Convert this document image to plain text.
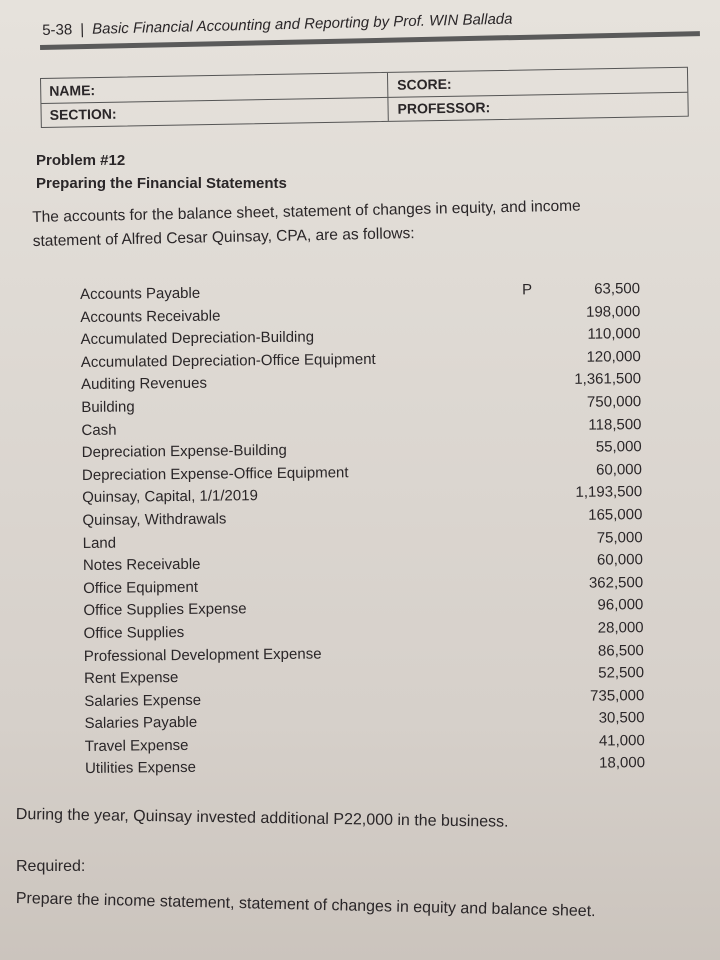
5-38 | Basic Financial Accounting and Reporting by Prof. WIN Ballada
NAME:	SCORE:
SECTION:	PROFESSOR:
Problem #12
Preparing the Financial Statements
The accounts for the balance sheet, statement of changes in equity, and income
statement of Alfred Cesar Quinsay, CPA, are as follows:
Accounts Payable	P	63,500
Accounts Receivable	198,000
Accumulated Depreciation-Building	110,000
Accumulated Depreciation-Office Equipment	120,000
Auditing Revenues	1,361,500
Building	750,000
Cash	118,500
Depreciation Expense-Building	55,000
Depreciation Expense-Office Equipment	60,000
Quinsay, Capital, 1/1/2019	1,193,500
Quinsay, Withdrawals	165,000
Land	75,000
Notes Receivable	60,000
Office Equipment	362,500
Office Supplies Expense	96,000
Office Supplies	28,000
Professional Development Expense	86,500
Rent Expense	52,500
Salaries Expense	735,000
Salaries Payable	30,500
Travel Expense	41,000
Utilities Expense	18,000
During the year, Quinsay invested additional P22,000 in the business.
Required:
Prepare the income statement, statement of changes in equity and balance sheet.
